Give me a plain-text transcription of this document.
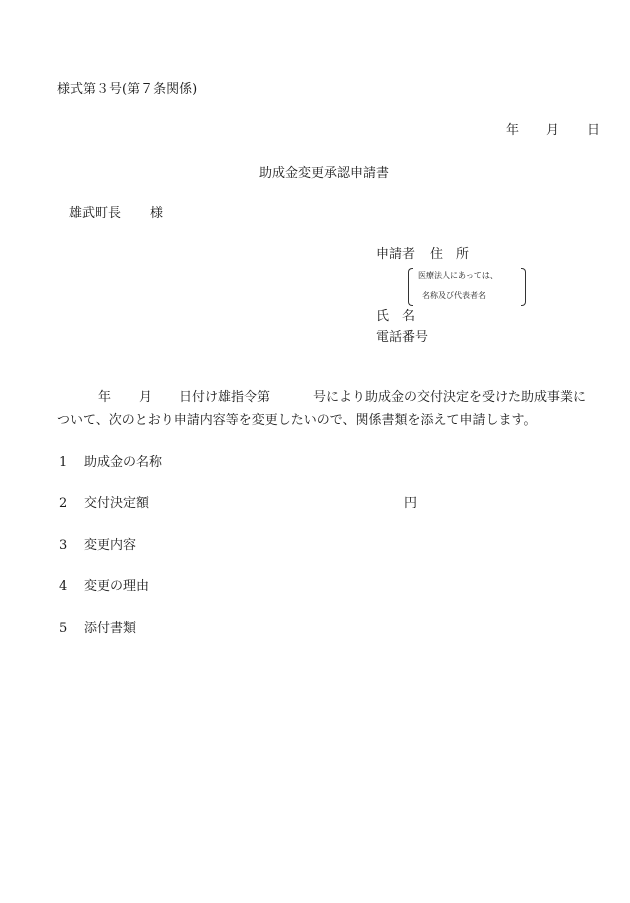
様式第３号(第７条関係)
年 月 日
助成金変更承認申請書
雄武町長 様
申請者 住　所
医療法人にあっては、
名称及び代表者名
氏　名
電話番号
年 月 日付け雄指令第	号により助成金の交付決定を受けた助成事業に
ついて、次のとおり申請内容等を変更したいので、関係書類を添えて申請します。
1 助成金の名称
2 交付決定額	円
3 変更内容
4 変更の理由
5 添付書類
